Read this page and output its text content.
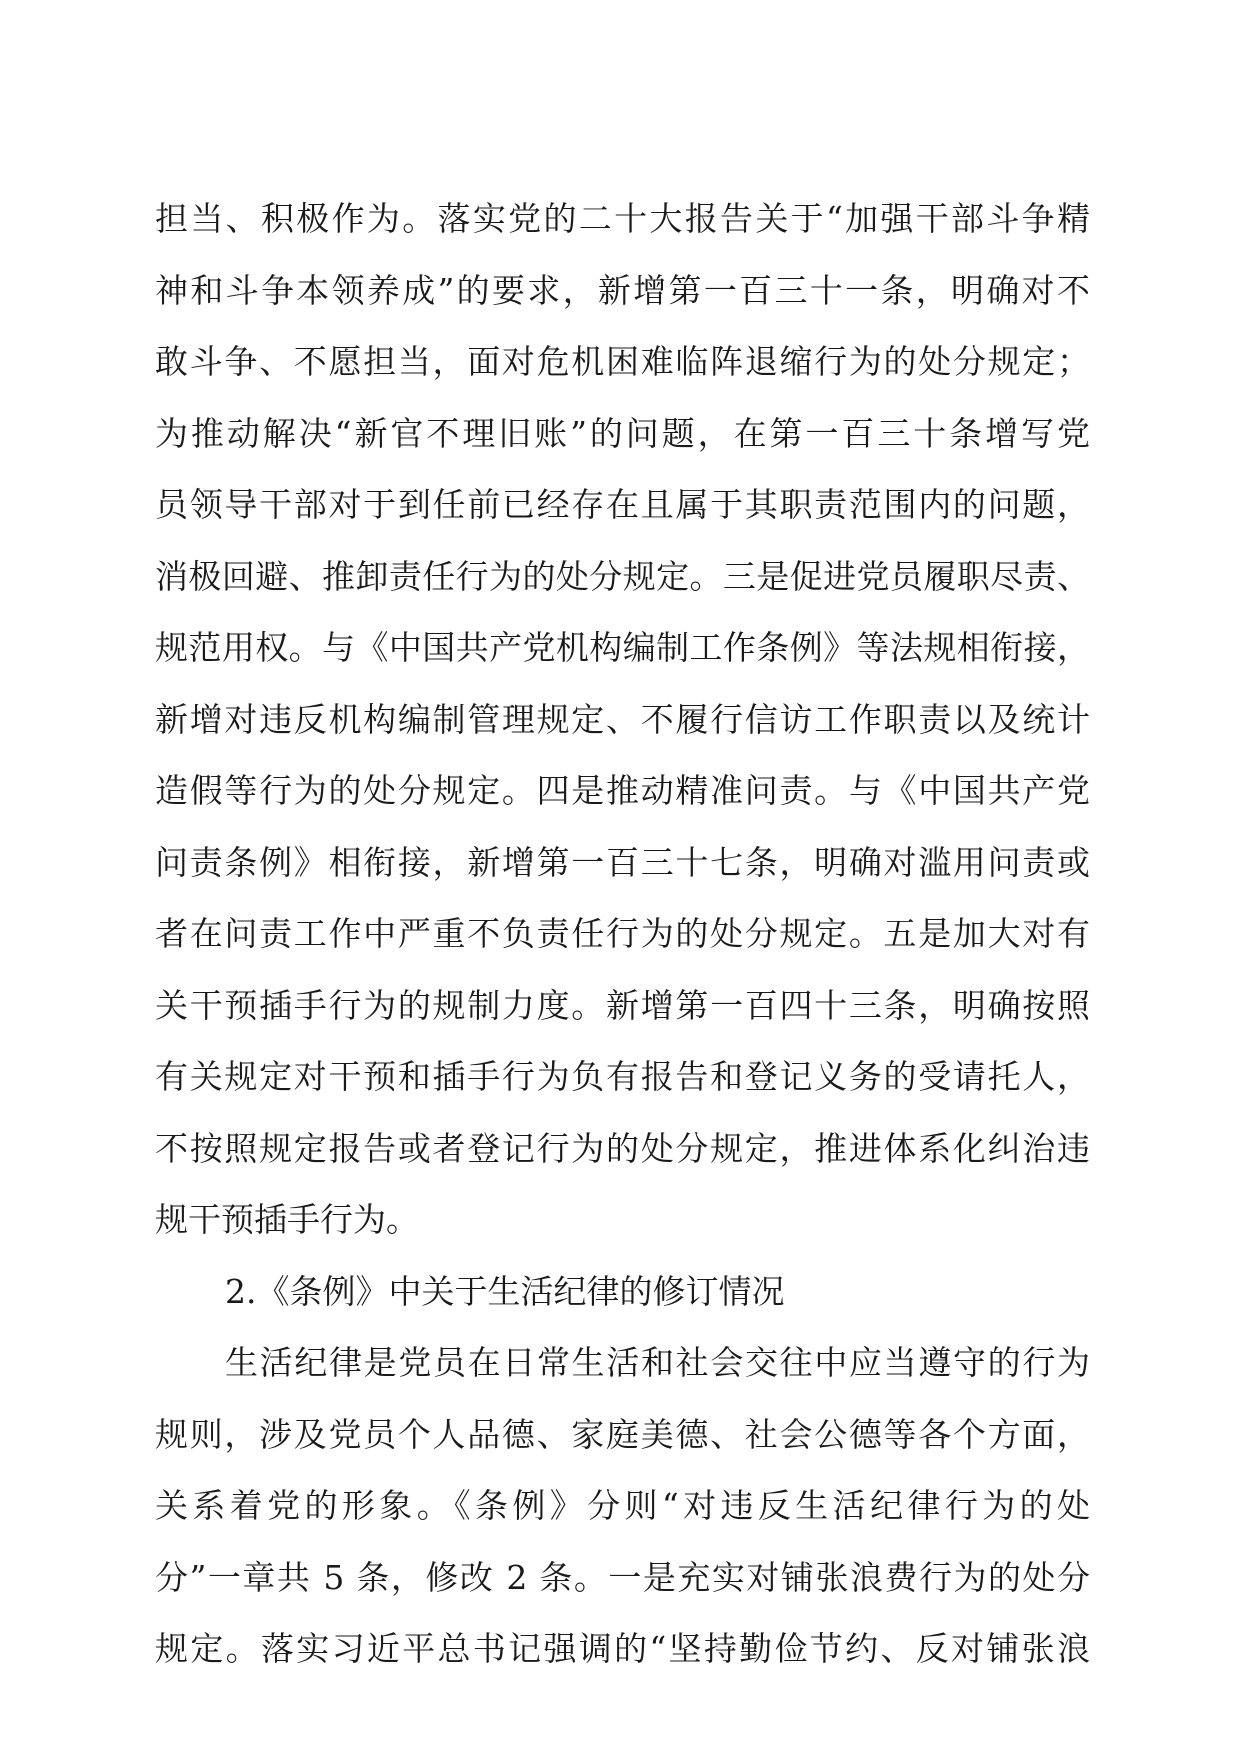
担当、积极作为。落实党的二十大报告关于“加强干部斗争精
神和斗争本领养成”的要求，新增第一百三十一条，明确对不
敢斗争、不愿担当，面对危机困难临阵退缩行为的处分规定；
为推动解决“新官不理旧账”的问题，在第一百三十条增写党
员领导干部对于到任前已经存在且属于其职责范围内的问题，
消极回避、推卸责任行为的处分规定。三是促进党员履职尽责、
规范用权。与《中国共产党机构编制工作条例》等法规相衔接，
新增对违反机构编制管理规定、不履行信访工作职责以及统计
造假等行为的处分规定。四是推动精准问责。与《中国共产党
问责条例》相衔接，新增第一百三十七条，明确对滥用问责或
者在问责工作中严重不负责任行为的处分规定。五是加大对有
关干预插手行为的规制力度。新增第一百四十三条，明确按照
有关规定对干预和插手行为负有报告和登记义务的受请托人，
不按照规定报告或者登记行为的处分规定，推进体系化纠治违
规干预插手行为。
2.《条例》中关于生活纪律的修订情况
生活纪律是党员在日常生活和社会交往中应当遵守的行为
规则，涉及党员个人品德、家庭美德、社会公德等各个方面，
关系着党的形象。《条例》分则“对违反生活纪律行为的处
分”一章共 5 条，修改 2 条。一是充实对铺张浪费行为的处分
规定。落实习近平总书记强调的“坚持勤俭节约、反对铺张浪
